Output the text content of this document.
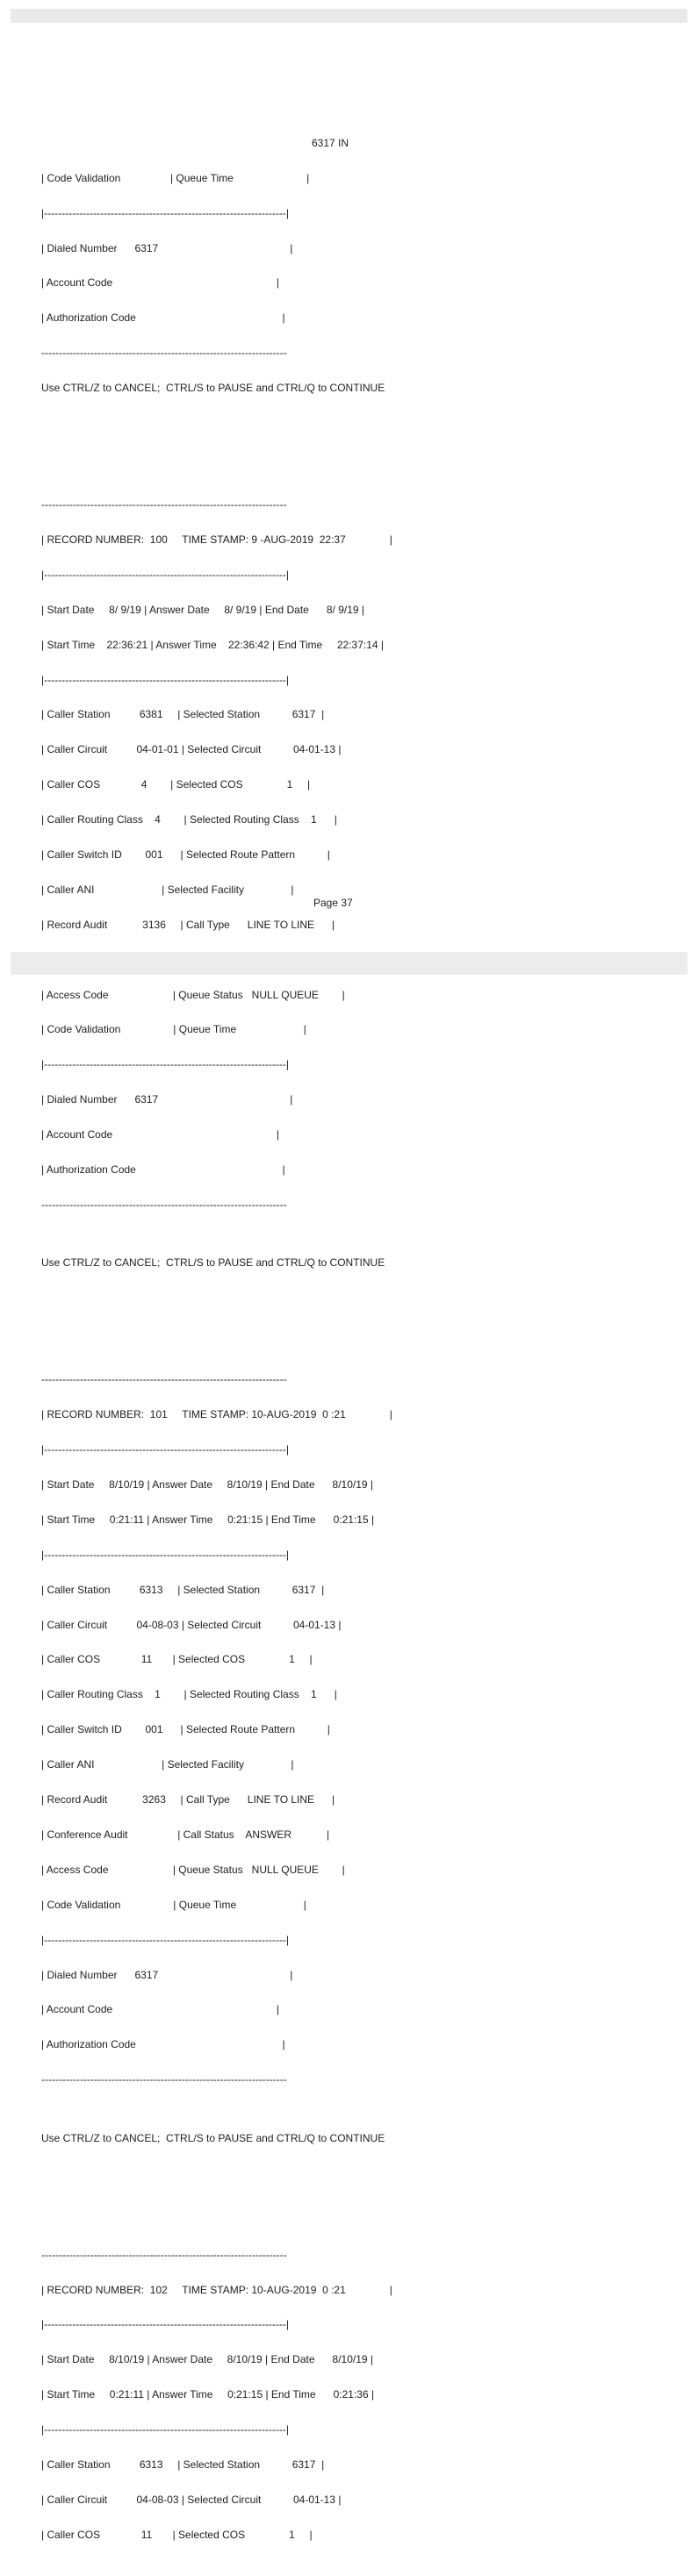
6317 IN

| Code Validation                 | Queue Time                         |

|---------------------------------------------------------------------|

| Dialed Number      6317                                             |

| Account Code                                                        |

| Authorization Code                                                  |

----------------------------------------------------------------------

Use CTRL/Z to CANCEL;  CTRL/S to PAUSE and CTRL/Q to CONTINUE

----------------------------------------------------------------------

| RECORD NUMBER:  100     TIME STAMP: 9 -AUG-2019  22:37               |

|---------------------------------------------------------------------|

| Start Date     8/ 9/19 | Answer Date     8/ 9/19 | End Date      8/ 9/19 |

| Start Time    22:36:21 | Answer Time    22:36:42 | End Time     22:37:14 |

|---------------------------------------------------------------------|

| Caller Station          6381     | Selected Station           6317  |

| Caller Circuit          04-01-01 | Selected Circuit           04-01-13 |

| Caller COS              4        | Selected COS               1     |

| Caller Routing Class    4        | Selected Routing Class    1      |

| Caller Switch ID        001      | Selected Route Pattern           |

| Caller ANI                       | Selected Facility                |

| Record Audit            3136     | Call Type      LINE TO LINE      |

| Access Code                      | Queue Status   NULL QUEUE        |

| Code Validation                  | Queue Time                       |

|---------------------------------------------------------------------|

| Dialed Number      6317                                             |

| Account Code                                                        |

| Authorization Code                                                  |

----------------------------------------------------------------------

Use CTRL/Z to CANCEL;  CTRL/S to PAUSE and CTRL/Q to CONTINUE

----------------------------------------------------------------------

| RECORD NUMBER:  101     TIME STAMP: 10-AUG-2019  0 :21               |

|---------------------------------------------------------------------|

| Start Date     8/10/19 | Answer Date     8/10/19 | End Date      8/10/19 |

| Start Time     0:21:11 | Answer Time     0:21:15 | End Time      0:21:15 |

|---------------------------------------------------------------------|

| Caller Station          6313     | Selected Station           6317  |

| Caller Circuit          04-08-03 | Selected Circuit           04-01-13 |

| Caller COS              11       | Selected COS               1     |

| Caller Routing Class    1        | Selected Routing Class    1      |

| Caller Switch ID        001      | Selected Route Pattern           |

| Caller ANI                       | Selected Facility                |

| Record Audit            3263     | Call Type      LINE TO LINE      |

| Conference Audit                 | Call Status    ANSWER            |

| Access Code                      | Queue Status   NULL QUEUE        |

| Code Validation                  | Queue Time                       |

|---------------------------------------------------------------------|

| Dialed Number      6317                                             |

| Account Code                                                        |

| Authorization Code                                                  |

----------------------------------------------------------------------

Use CTRL/Z to CANCEL;  CTRL/S to PAUSE and CTRL/Q to CONTINUE

----------------------------------------------------------------------

| RECORD NUMBER:  102     TIME STAMP: 10-AUG-2019  0 :21               |

|---------------------------------------------------------------------|

| Start Date     8/10/19 | Answer Date     8/10/19 | End Date      8/10/19 |

| Start Time     0:21:11 | Answer Time     0:21:15 | End Time      0:21:36 |

|---------------------------------------------------------------------|

| Caller Station          6313     | Selected Station           6317  |

| Caller Circuit          04-08-03 | Selected Circuit           04-01-13 |

| Caller COS              11       | Selected COS               1     |

Page 37
